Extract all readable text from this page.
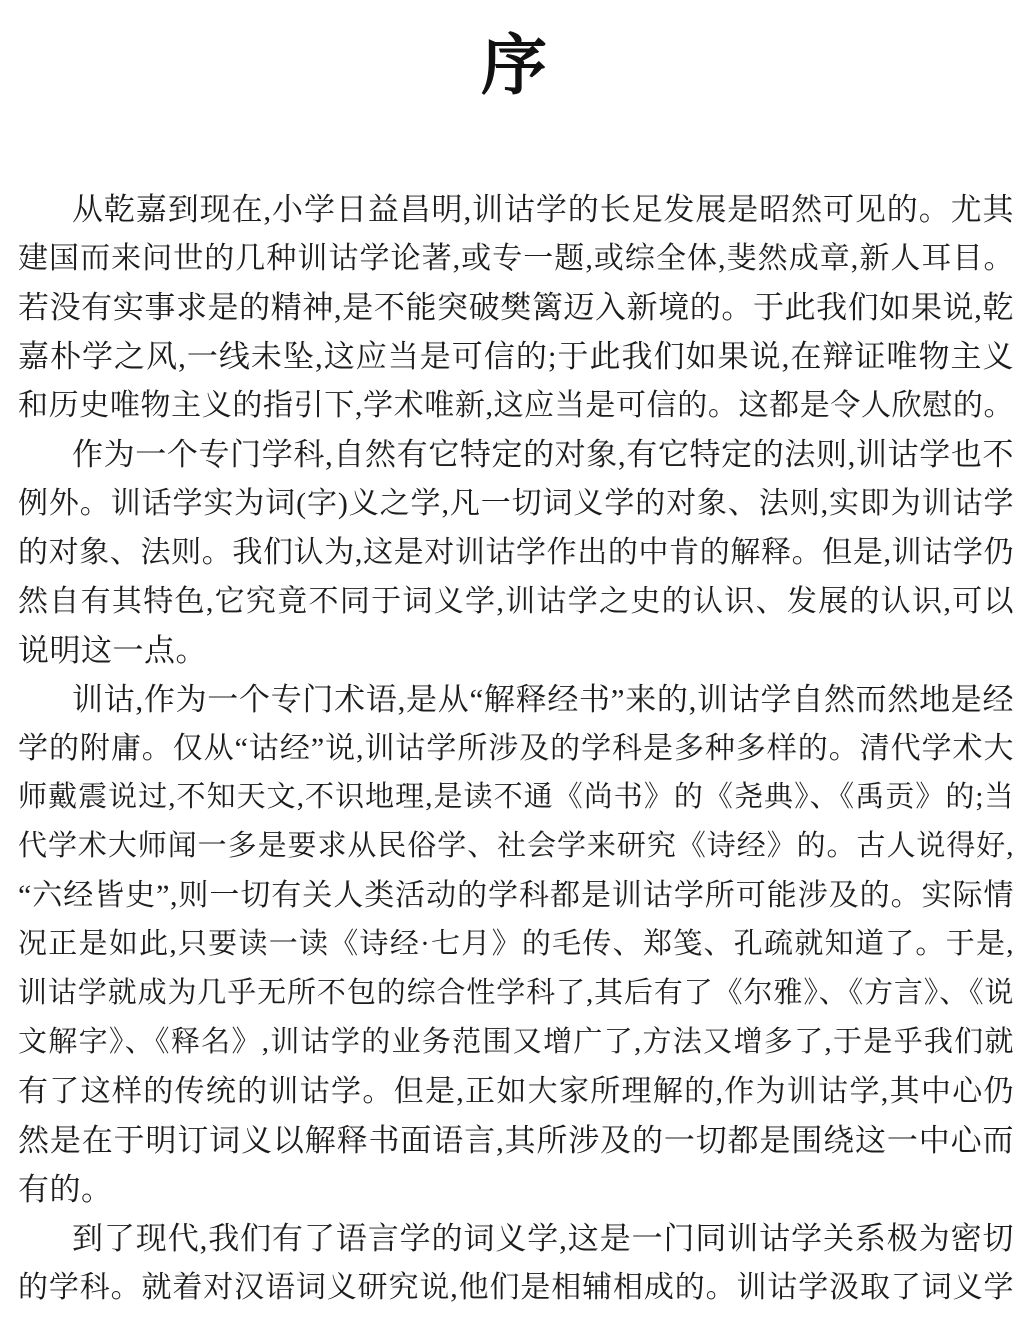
序
从乾嘉到现在,小学日益昌明,训诂学的长足发展是昭然可见的。尤其
建国而来问世的几种训诂学论著,或专一题,或综全体,斐然成章,新人耳目。
若没有实事求是的精神,是不能突破樊篱迈入新境的。于此我们如果说,乾
嘉朴学之风,一线未坠,这应当是可信的;于此我们如果说,在辩证唯物主义
和历史唯物主义的指引下,学术唯新,这应当是可信的。这都是令人欣慰的。
作为一个专门学科,自然有它特定的对象,有它特定的法则,训诂学也不
例外。训话学实为词(字)义之学,凡一切词义学的对象、法则,实即为训诂学
的对象、法则。我们认为,这是对训诂学作出的中肯的解释。但是,训诂学仍
然自有其特色,它究竟不同于词义学,训诂学之史的认识、发展的认识,可以
说明这一点。
训诂,作为一个专门术语,是从“解释经书”来的,训诂学自然而然地是经
学的附庸。仅从“诂经”说,训诂学所涉及的学科是多种多样的。清代学术大
师戴震说过,不知天文,不识地理,是读不通《尚书》的《尧典》、《禹贡》的;当
代学术大师闻一多是要求从民俗学、社会学来研究《诗经》的。古人说得好,
“六经皆史”,则一切有关人类活动的学科都是训诂学所可能涉及的。实际情
况正是如此,只要读一读《诗经·七月》的毛传、郑笺、孔疏就知道了。于是,
训诂学就成为几乎无所不包的综合性学科了,其后有了《尔雅》、《方言》、《说
文解字》、《释名》,训诂学的业务范围又增广了,方法又增多了,于是乎我们就
有了这样的传统的训诂学。但是,正如大家所理解的,作为训诂学,其中心仍
然是在于明订词义以解释书面语言,其所涉及的一切都是围绕这一中心而
有的。
到了现代,我们有了语言学的词义学,这是一门同训诂学关系极为密切
的学科。就着对汉语词义研究说,他们是相辅相成的。训诂学汲取了词义学
